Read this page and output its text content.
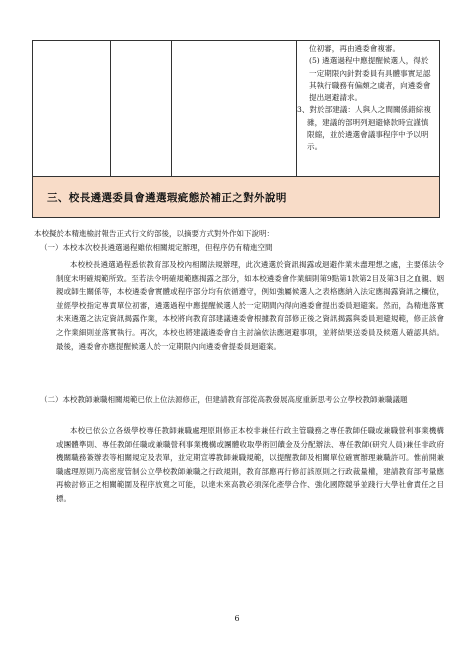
位初審，再由遴委會複審。

(5) 遴選過程中應提醒候選人，得於一定期限內針對委員有具體事實足認其執行職務有偏頗之虞者，向遴委會提出迴避請求。

3、對於部建議：人與人之間關係錯綜複雜，建議的部明列迴避條款時宜謹慎限縮，並於遴選會議事程序中予以明示。

三、校長遴選委員會遴選瑕疵態於補正之對外說明
本校擬於本精進檢討報告正式行文約部後，以摘要方式對外作如下說明：
（一）本校本次校長遴選過程雖依相關規定辦理，但程序仍有精進空間
本校校長遴選過程悉依教育部及校內相關法規辦理，此次遴選於資訊揭露或迴避作業未盡理想之處，主要係法令制度未明確規範所致。至若法令明確規範應揭露之部分，如本校遴委會作業細則第9點第1款第2目及第3目之血親、姻親或師生關係等，本校遴委會實體或程序部分均有依循遵守，例如強屬候選人之表格應納入法定應揭露資訊之欄位，並經學校指定專責單位初審，遴選過程中應提醒候選人於一定期間內得向遴委會提出委員迴避案。然而，為精進落實未來遴選之法定資訊揭露作業，本校將向教育部建議遴委會根據教育部修正後之資訊揭露與委員迴避規範，修正該會之作業細則並落實執行。再次，本校也將建議遴委會自主討論依法應迴避事項，並將結果送委員及候選人確認具結。最後，遴委會亦應提醒候選人於一定期限內向遴委會提委員迴避案。
（二）本校教師兼職相關規範已依上位法源修正，但建請教育部從高教發展高度重新思考公立學校教師兼職議題
本校已依公立各級學校專任教師兼職處理原則修正本校非兼任行政主管職務之專任教師任職或兼職營利事業機構或團體準則、專任教師任職或兼職營利事業機構或團體收取學術回饋金及分配辦法、專任教師(研究人員)兼任非政府機關職務簽辦表等相關規定及表單，並定期宣導教師兼職規範，以提醒教師及相關單位確實辦理兼職許可。惟前開兼職處理原則乃高密度管制公立學校教師兼職之行政規則，教育部應再行修訂該原則之行政裁量權，建請教育部考量應再檢討修正之相關範圍及程序放寬之可能，以達未來高教必須深化產學合作、強化國際競爭並踐行大學社會責任之目標。
6
